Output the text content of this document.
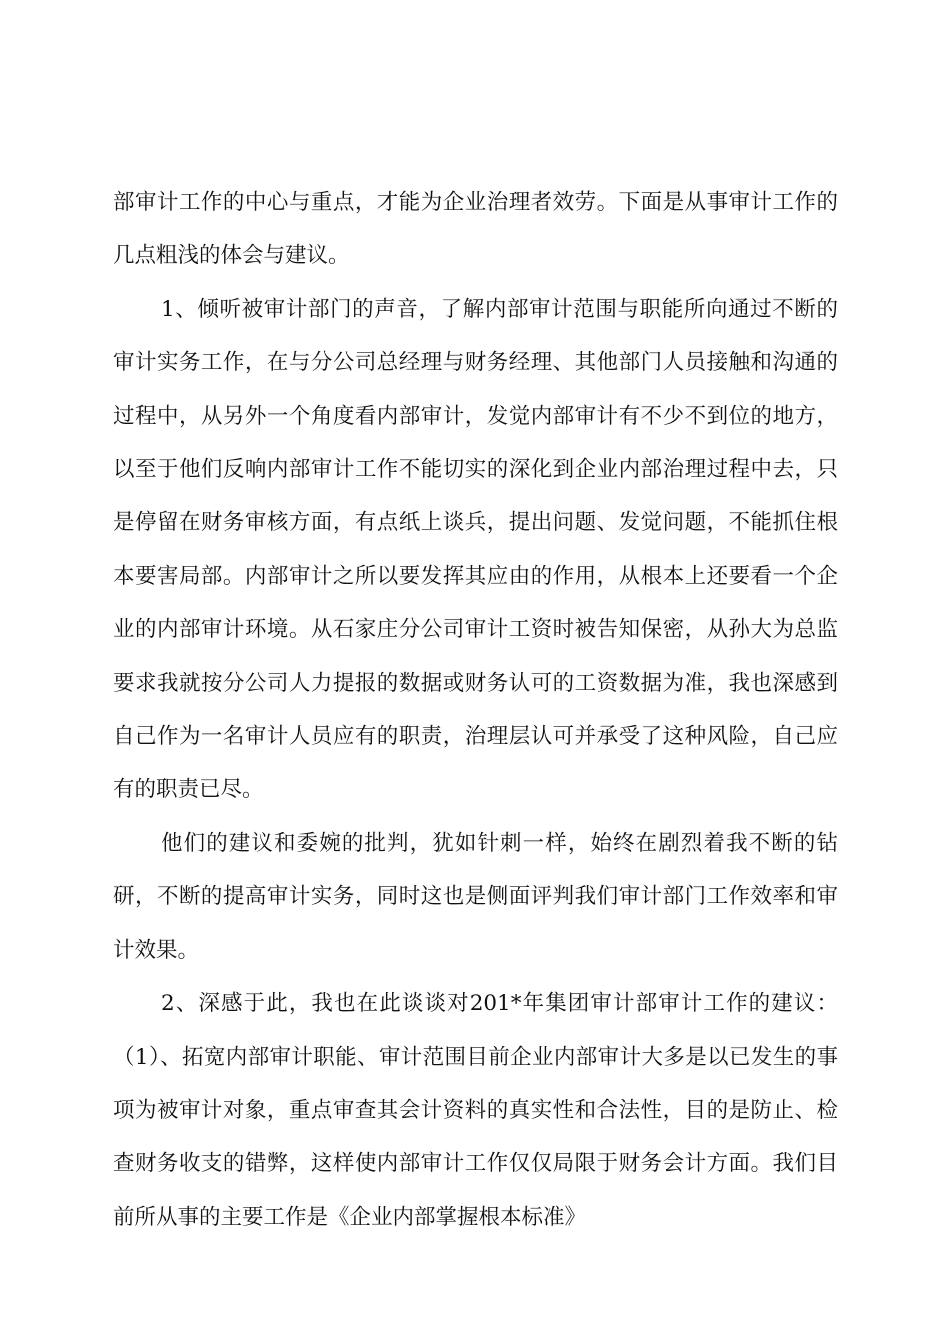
部审计工作的中心与重点，才能为企业治理者效劳。下面是从事审计工作的几点粗浅的体会与建议。

1、倾听被审计部门的声音，了解内部审计范围与职能所向通过不断的审计实务工作，在与分公司总经理与财务经理、其他部门人员接触和沟通的过程中，从另外一个角度看内部审计，发觉内部审计有不少不到位的地方，以至于他们反响内部审计工作不能切实的深化到企业内部治理过程中去，只是停留在财务审核方面，有点纸上谈兵，提出问题、发觉问题，不能抓住根本要害局部。内部审计之所以要发挥其应由的作用，从根本上还要看一个企业的内部审计环境。从石家庄分公司审计工资时被告知保密，从孙大为总监要求我就按分公司人力提报的数据或财务认可的工资数据为准，我也深感到自己作为一名审计人员应有的职责，治理层认可并承受了这种风险，自己应有的职责已尽。

他们的建议和委婉的批判，犹如针刺一样，始终在剧烈着我不断的钻研，不断的提高审计实务，同时这也是侧面评判我们审计部门工作效率和审计效果。

2、深感于此，我也在此谈谈对201*年集团审计部审计工作的建议：（1）、拓宽内部审计职能、审计范围目前企业内部审计大多是以已发生的事项为被审计对象，重点审查其会计资料的真实性和合法性，目的是防止、检查财务收支的错弊，这样使内部审计工作仅仅局限于财务会计方面。我们目前所从事的主要工作是《企业内部掌握根本标准》
